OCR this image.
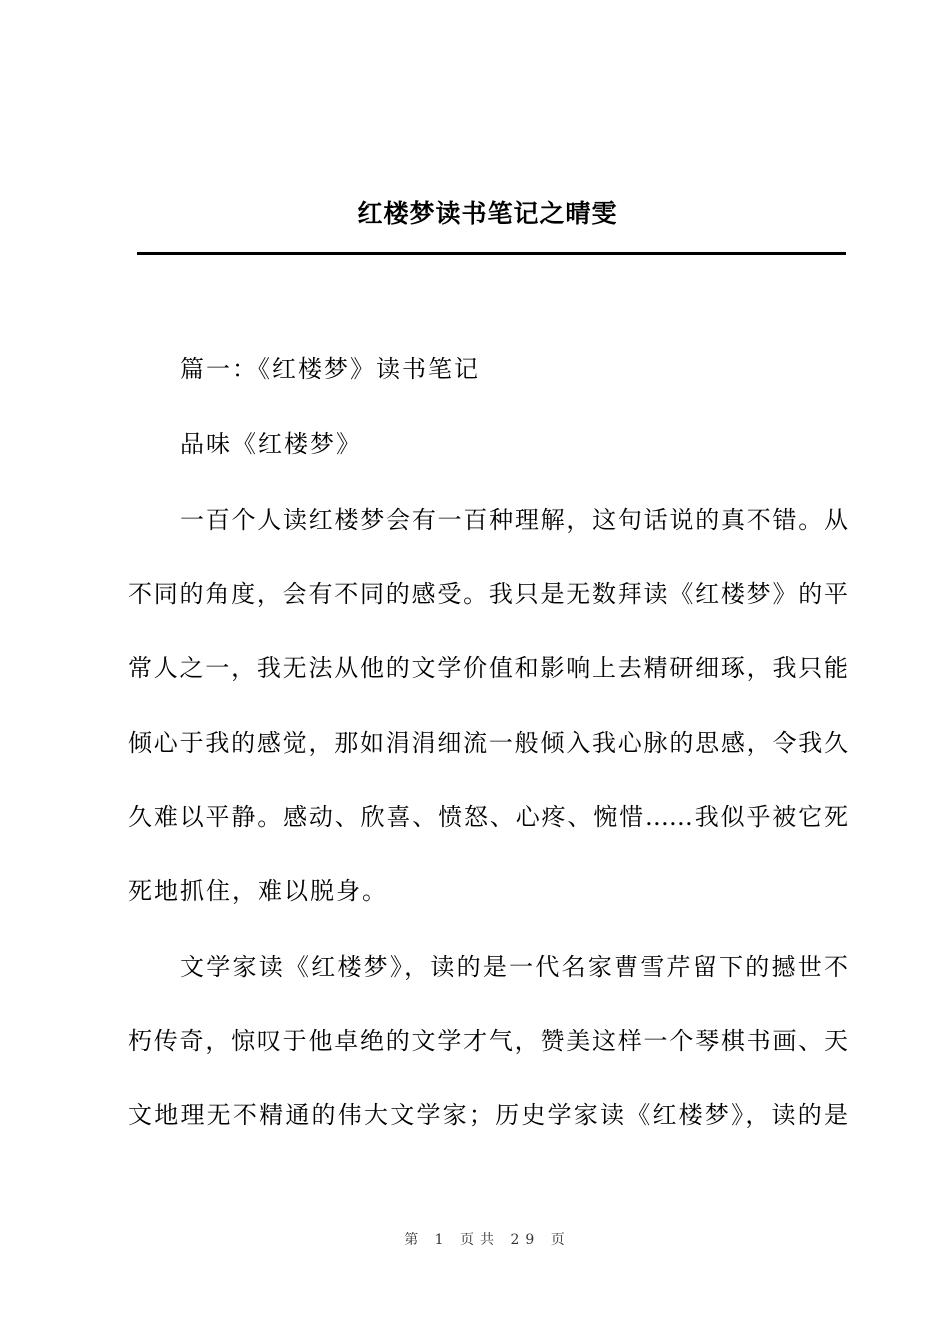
红楼梦读书笔记之晴雯
篇一：《红楼梦》读书笔记
品味《红楼梦》
一百个人读红楼梦会有一百种理解，这句话说的真不错。从
不同的角度，会有不同的感受。我只是无数拜读《红楼梦》的平
常人之一，我无法从他的文学价值和影响上去精研细琢，我只能
倾心于我的感觉，那如涓涓细流一般倾入我心脉的思感，令我久
久难以平静。感动、欣喜、愤怒、心疼、惋惜……我似乎被它死
死地抓住，难以脱身。
文学家读《红楼梦》，读的是一代名家曹雪芹留下的撼世不
朽传奇，惊叹于他卓绝的文学才气，赞美这样一个琴棋书画、天
文地理无不精通的伟大文学家；历史学家读《红楼梦》，读的是
第 1 页共 29 页
